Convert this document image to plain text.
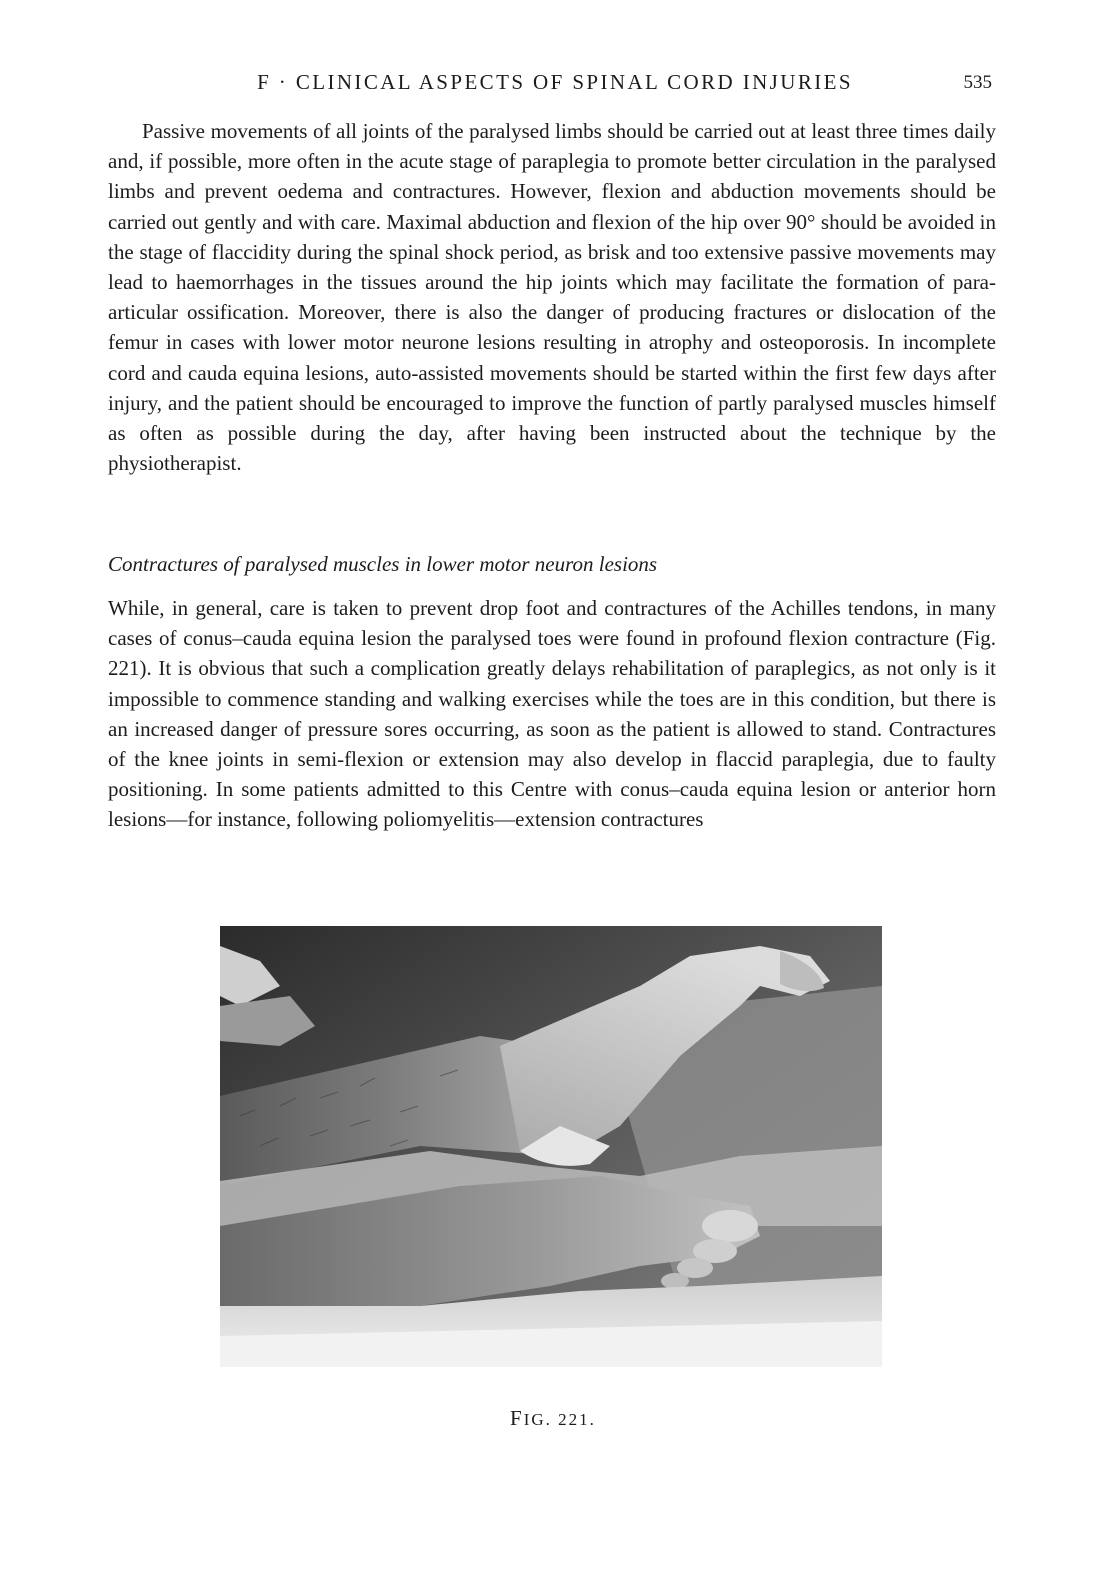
F · CLINICAL ASPECTS OF SPINAL CORD INJURIES	535

Passive movements of all joints of the paralysed limbs should be carried out at least three times daily and, if possible, more often in the acute stage of paraplegia to promote better circulation in the paralysed limbs and prevent oedema and contractures. However, flexion and abduction movements should be carried out gently and with care. Maximal abduction and flexion of the hip over 90° should be avoided in the stage of flaccidity during the spinal shock period, as brisk and too extensive passive movements may lead to haemorrhages in the tissues around the hip joints which may facilitate the formation of para-articular ossification. Moreover, there is also the danger of producing fractures or dislocation of the femur in cases with lower motor neurone lesions resulting in atrophy and osteoporosis. In incomplete cord and cauda equina lesions, auto-assisted movements should be started within the first few days after injury, and the patient should be encouraged to improve the function of partly paralysed muscles himself as often as possible during the day, after having been instructed about the technique by the physiotherapist.

Contractures of paralysed muscles in lower motor neuron lesions

While, in general, care is taken to prevent drop foot and contractures of the Achilles tendons, in many cases of conus–cauda equina lesion the paralysed toes were found in profound flexion contracture (Fig. 221). It is obvious that such a complication greatly delays rehabilitation of paraplegics, as not only is it impossible to commence standing and walking exercises while the toes are in this condition, but there is an increased danger of pressure sores occurring, as soon as the patient is allowed to stand. Contractures of the knee joints in semi-flexion or extension may also develop in flaccid paraplegia, due to faulty positioning. In some patients admitted to this Centre with conus–cauda equina lesion or anterior horn lesions—for instance, following poliomyelitis—extension contractures

FIG. 221.
